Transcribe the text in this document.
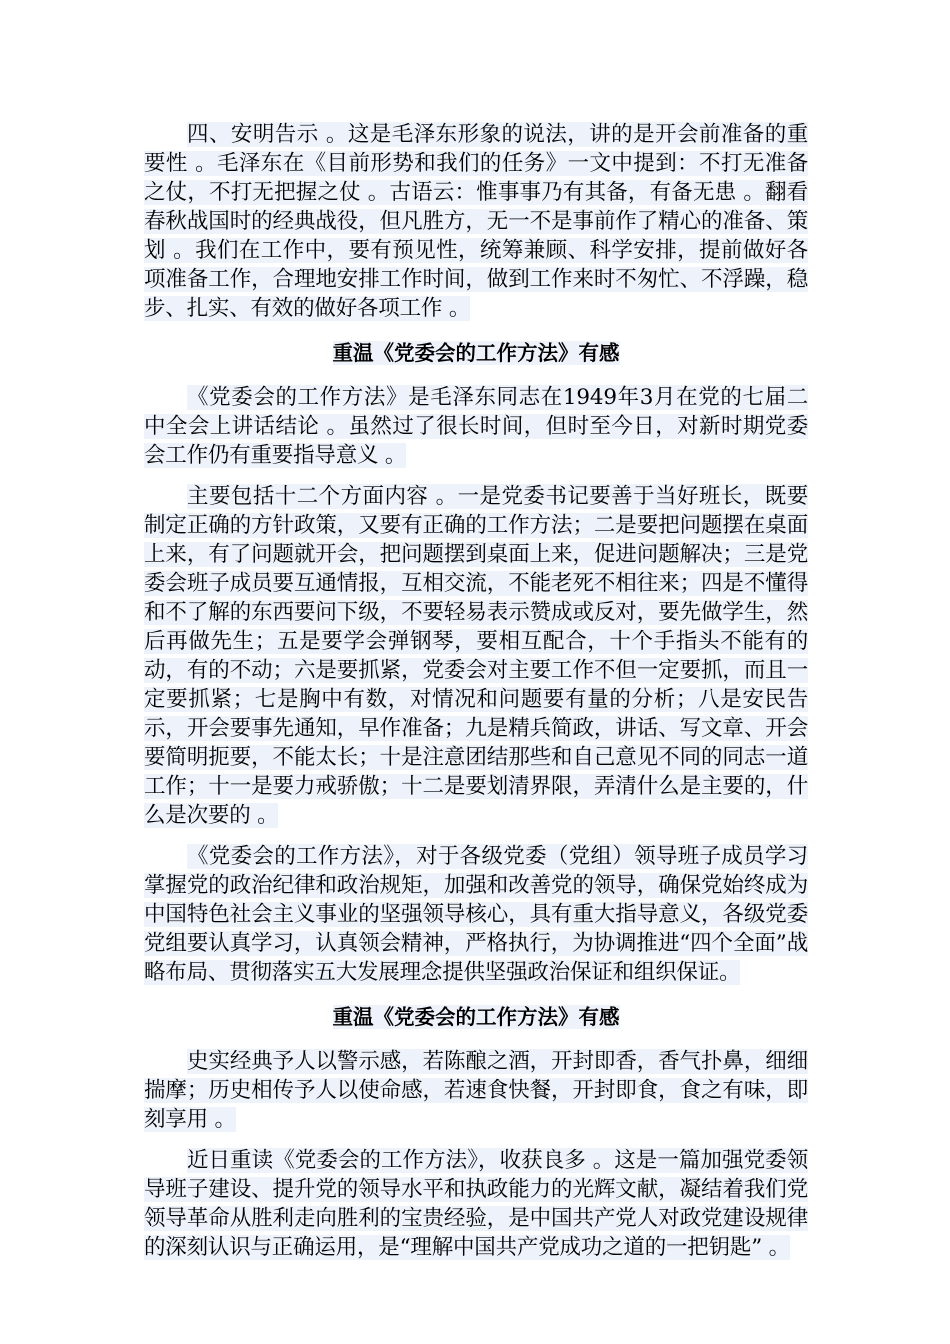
四、安明告示 。这是毛泽东形象的说法，讲的是开会前准备的重要性 。毛泽东在《目前形势和我们的任务》一文中提到：不打无准备之仗，不打无把握之仗 。古语云：惟事事乃有其备，有备无患 。翻看春秋战国时的经典战役，但凡胜方，无一不是事前作了精心的准备、策划 。我们在工作中，要有预见性，统筹兼顾、科学安排，提前做好各项准备工作，合理地安排工作时间，做到工作来时不匆忙、不浮躁，稳步、扎实、有效的做好各项工作 。

重温《党委会的工作方法》有感

《党委会的工作方法》是毛泽东同志在1949年3月在党的七届二中全会上讲话结论 。虽然过了很长时间，但时至今日，对新时期党委会工作仍有重要指导意义 。

主要包括十二个方面内容 。一是党委书记要善于当好班长，既要制定正确的方针政策，又要有正确的工作方法；二是要把问题摆在桌面上来，有了问题就开会，把问题摆到桌面上来，促进问题解决；三是党委会班子成员要互通情报，互相交流，不能老死不相往来；四是不懂得和不了解的东西要问下级，不要轻易表示赞成或反对，要先做学生，然后再做先生；五是要学会弹钢琴，要相互配合，十个手指头不能有的动，有的不动；六是要抓紧，党委会对主要工作不但一定要抓，而且一定要抓紧；七是胸中有数，对情况和问题要有量的分析；八是安民告示，开会要事先通知，早作准备；九是精兵简政，讲话、写文章、开会要简明扼要，不能太长；十是注意团结那些和自己意见不同的同志一道工作；十一是要力戒骄傲；十二是要划清界限，弄清什么是主要的，什么是次要的 。

《党委会的工作方法》，对于各级党委（党组）领导班子成员学习掌握党的政治纪律和政治规矩，加强和改善党的领导，确保党始终成为中国特色社会主义事业的坚强领导核心，具有重大指导意义，各级党委党组要认真学习，认真领会精神，严格执行，为协调推进“四个全面”战略布局、贯彻落实五大发展理念提供坚强政治保证和组织保证。

重温《党委会的工作方法》有感

史实经典予人以警示感，若陈酿之酒，开封即香，香气扑鼻，细细揣摩；历史相传予人以使命感，若速食快餐，开封即食，食之有味，即刻享用 。

近日重读《党委会的工作方法》，收获良多 。这是一篇加强党委领导班子建设、提升党的领导水平和执政能力的光辉文献，凝结着我们党领导革命从胜利走向胜利的宝贵经验，是中国共产党人对政党建设规律的深刻认识与正确运用，是“理解中国共产党成功之道的一把钥匙” 。
